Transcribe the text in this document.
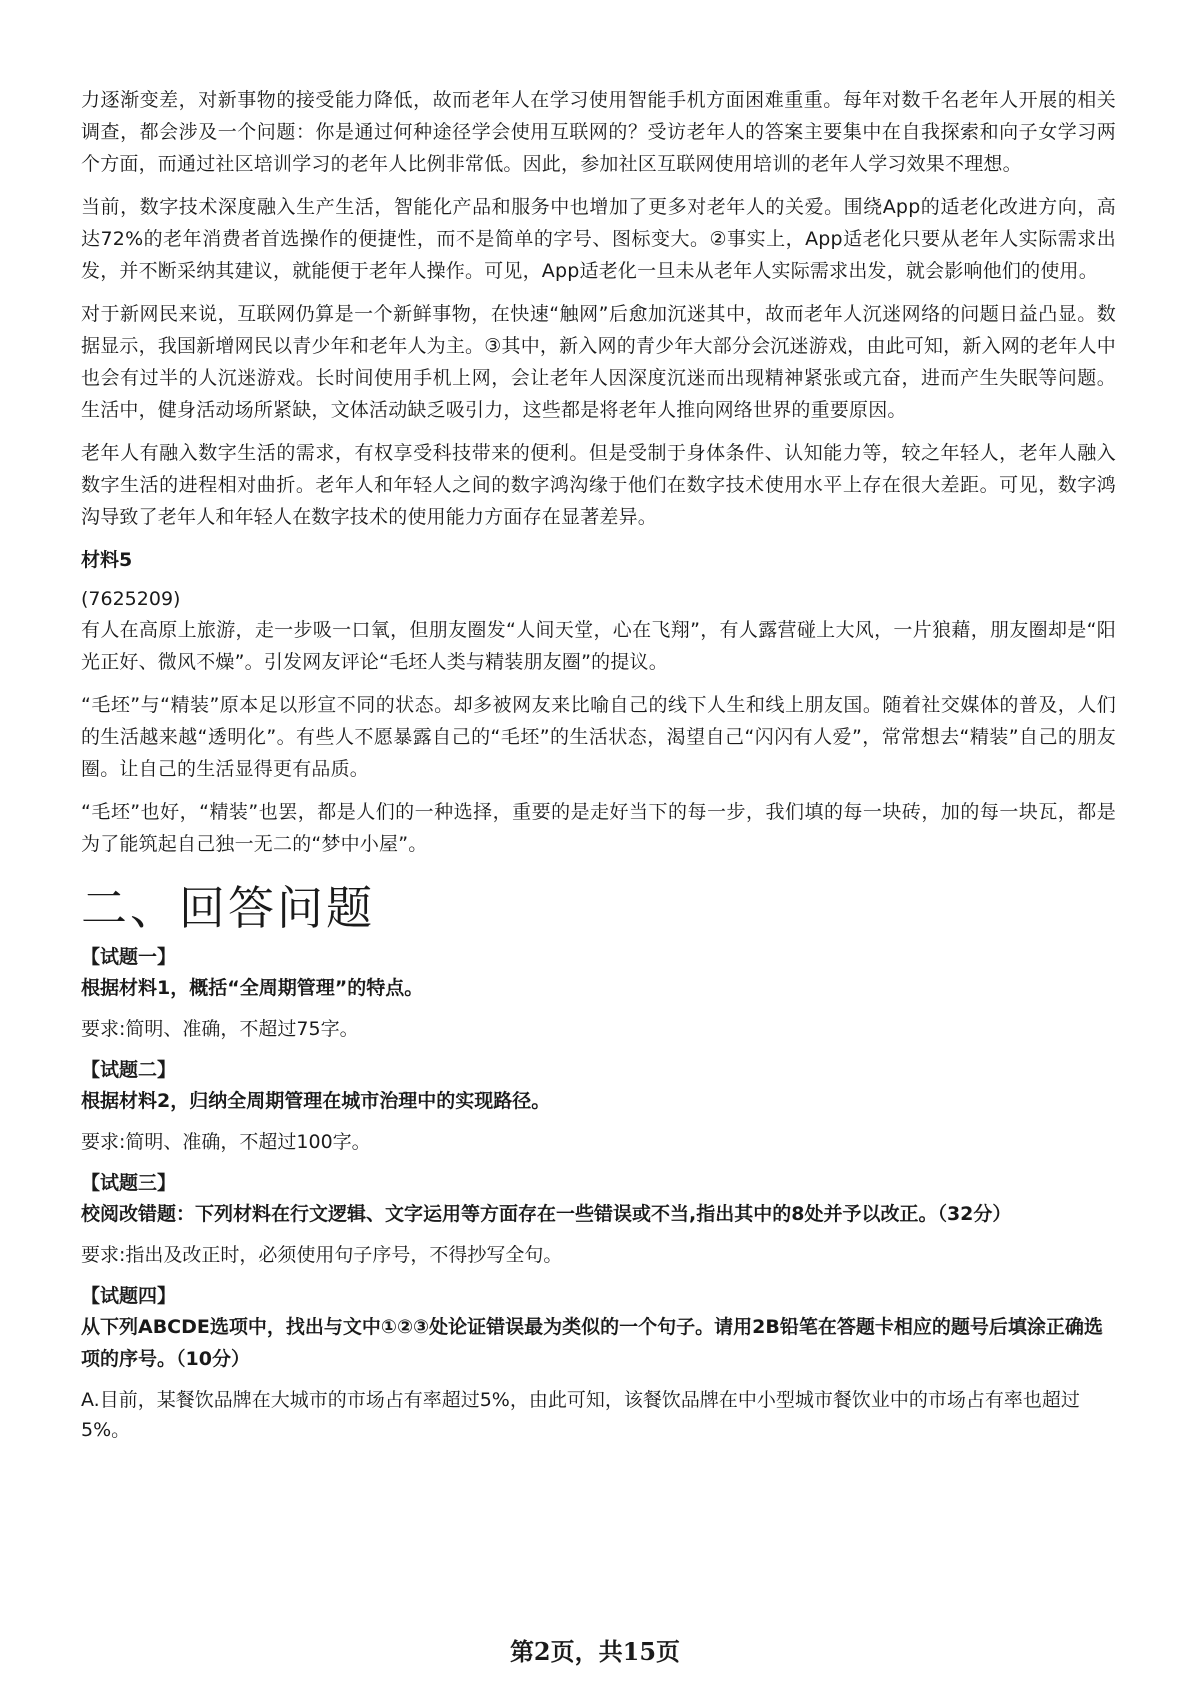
力逐渐变差，对新事物的接受能力降低，故而老年人在学习使用智能手机方面困难重重。每年对数千名老年人开展的相关调查，都会涉及一个问题：你是通过何种途径学会使用互联网的？受访老年人的答案主要集中在自我探索和向子女学习两个方面，而通过社区培训学习的老年人比例非常低。因此，参加社区互联网使用培训的老年人学习效果不理想。

当前，数字技术深度融入生产生活，智能化产品和服务中也增加了更多对老年人的关爱。围绕App的适老化改进方向，高达72%的老年消费者首选操作的便捷性，而不是简单的字号、图标变大。②事实上，App适老化只要从老年人实际需求出发，并不断采纳其建议，就能便于老年人操作。可见，App适老化一旦未从老年人实际需求出发，就会影响他们的使用。

对于新网民来说，互联网仍算是一个新鲜事物，在快速“触网”后愈加沉迷其中，故而老年人沉迷网络的问题日益凸显。数据显示，我国新增网民以青少年和老年人为主。③其中，新入网的青少年大部分会沉迷游戏，由此可知，新入网的老年人中也会有过半的人沉迷游戏。长时间使用手机上网，会让老年人因深度沉迷而出现精神紧张或亢奋，进而产生失眠等问题。生活中，健身活动场所紧缺，文体活动缺乏吸引力，这些都是将老年人推向网络世界的重要原因。

老年人有融入数字生活的需求，有权享受科技带来的便利。但是受制于身体条件、认知能力等，较之年轻人，老年人融入数字生活的进程相对曲折。老年人和年轻人之间的数字鸿沟缘于他们在数字技术使用水平上存在很大差距。可见，数字鸿沟导致了老年人和年轻人在数字技术的使用能力方面存在显著差异。

材料5

(7625209)

有人在高原上旅游，走一步吸一口氧，但朋友圈发“人间天堂，心在飞翔”，有人露营碰上大风，一片狼藉，朋友圈却是“阳光正好、微风不燥”。引发网友评论“毛坯人类与精装朋友圈”的提议。

“毛坯”与“精装”原本足以形宣不同的状态。却多被网友来比喻自己的线下人生和线上朋友国。随着社交媒体的普及，人们的生活越来越“透明化”。有些人不愿暴露自己的“毛坯”的生活状态，渴望自己“闪闪有人爱”，常常想去“精装”自己的朋友圈。让自己的生活显得更有品质。

“毛坯”也好，“精装”也罢，都是人们的一种选择，重要的是走好当下的每一步，我们填的每一块砖，加的每一块瓦，都是为了能筑起自己独一无二的“梦中小屋”。

二、回答问题

【试题一】

根据材料1，概括“全周期管理”的特点。

要求:简明、准确，不超过75字。

【试题二】

根据材料2，归纳全周期管理在城市治理中的实现路径。

要求:简明、准确，不超过100字。

【试题三】

校阅改错题：下列材料在行文逻辑、文字运用等方面存在一些错误或不当,指出其中的8处并予以改正。（32分）

要求:指出及改正时，必须使用句子序号，不得抄写全句。

【试题四】

从下列ABCDE选项中，找出与文中①②③处论证错误最为类似的一个句子。请用2B铅笔在答题卡相应的题号后填涂正确选项的序号。（10分）

A.目前，某餐饮品牌在大城市的市场占有率超过5%，由此可知，该餐饮品牌在中小型城市餐饮业中的市场占有率也超过5%。

第2页，共15页
